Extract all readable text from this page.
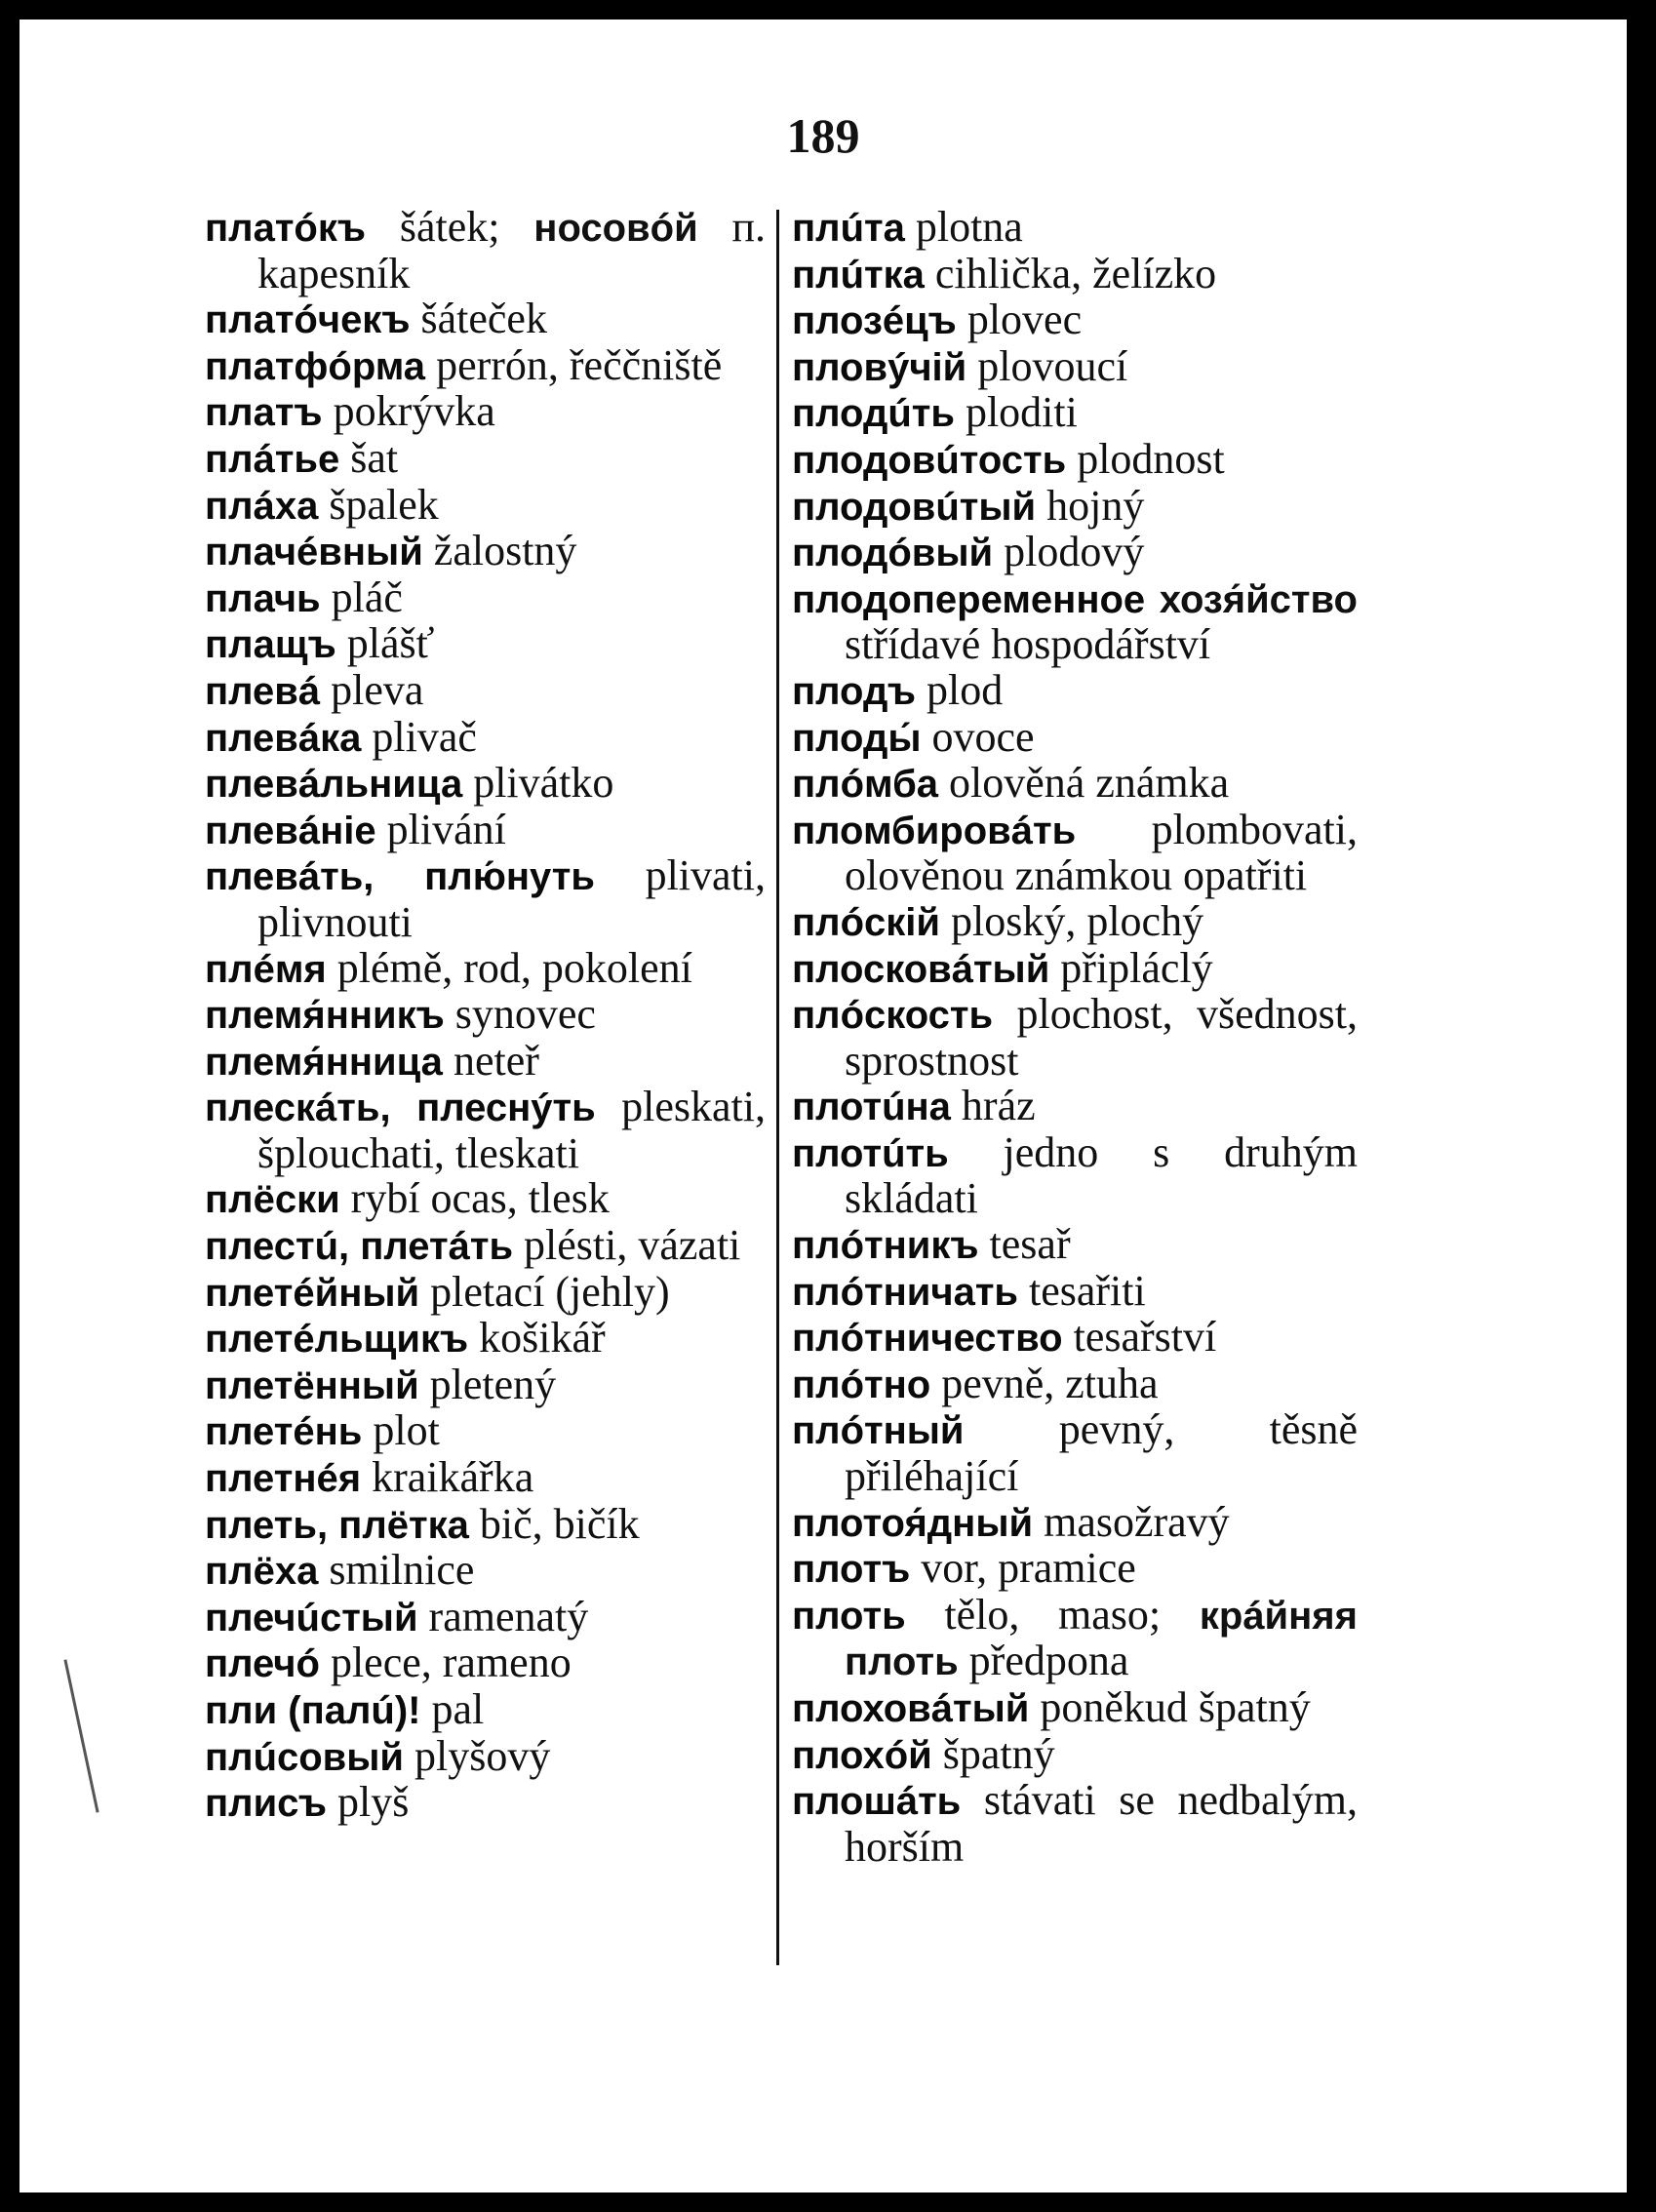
189
платóкъ šátek; носовóй п. kapesník
платóчекъ šáteček
платфóрма perrón, řeččniště
платъ pokrývka
плáтье šat
плáха špalek
плачéвный žalostný
плачь pláč
плащъ plášť
плевá pleva
плевáка plivač
плевáльница plivátko
плевáніе plivání
плевáть, плю́нуть plivati, plivnouti
плéмя plémě, rod, pokolení
племя́нникъ synovec
племя́нница neteř
плескáть, плеснýть pleskati, šplouchati, tleskati
плёски rybí ocas, tlesk
плестú, плетáть plésti, vázati
плетéйный pletací (jehly)
плетéльщикъ košikář
плетённый pletený
плетéнь plot
плетнéя kraikářka
плеть, плётка bič, bičík
плёха smilnice
плечúстый ramenatý
плечó plece, rameno
пли (палú)! pal
плúсовый plyšový
плисъ plyš
плúта plotna
плúтка cihlička, želízko
плозéцъ plovec
пловýчій plovoucí
плодúть ploditi
плодовúтость plodnost
плодовúтый hojný
плодóвый plodový
плодопеременное хозя́йство střídavé hospodářství
плодъ plod
плоды́ ovoce
плóмба olověná známka
пломбировáть plombovati, olověnou známkou opatřiti
плóскій ploský, plochý
плосковáтый připláclý
плóскость plochost, všednost, sprostnost
плотúна hráz
плотúть jedno s druhým skládati
плóтникъ tesař
плóтничать tesařiti
плóтничество tesařství
плóтно pevně, ztuha
плóтный pevný, těsně přiléhající
плотоя́дный masožravý
плотъ vor, pramice
плоть tělo, maso; крáйняя плоть předpona
плоховáтый poněkud špatný
плохóй špatný
плошáть stávati se nedbalým, horším
